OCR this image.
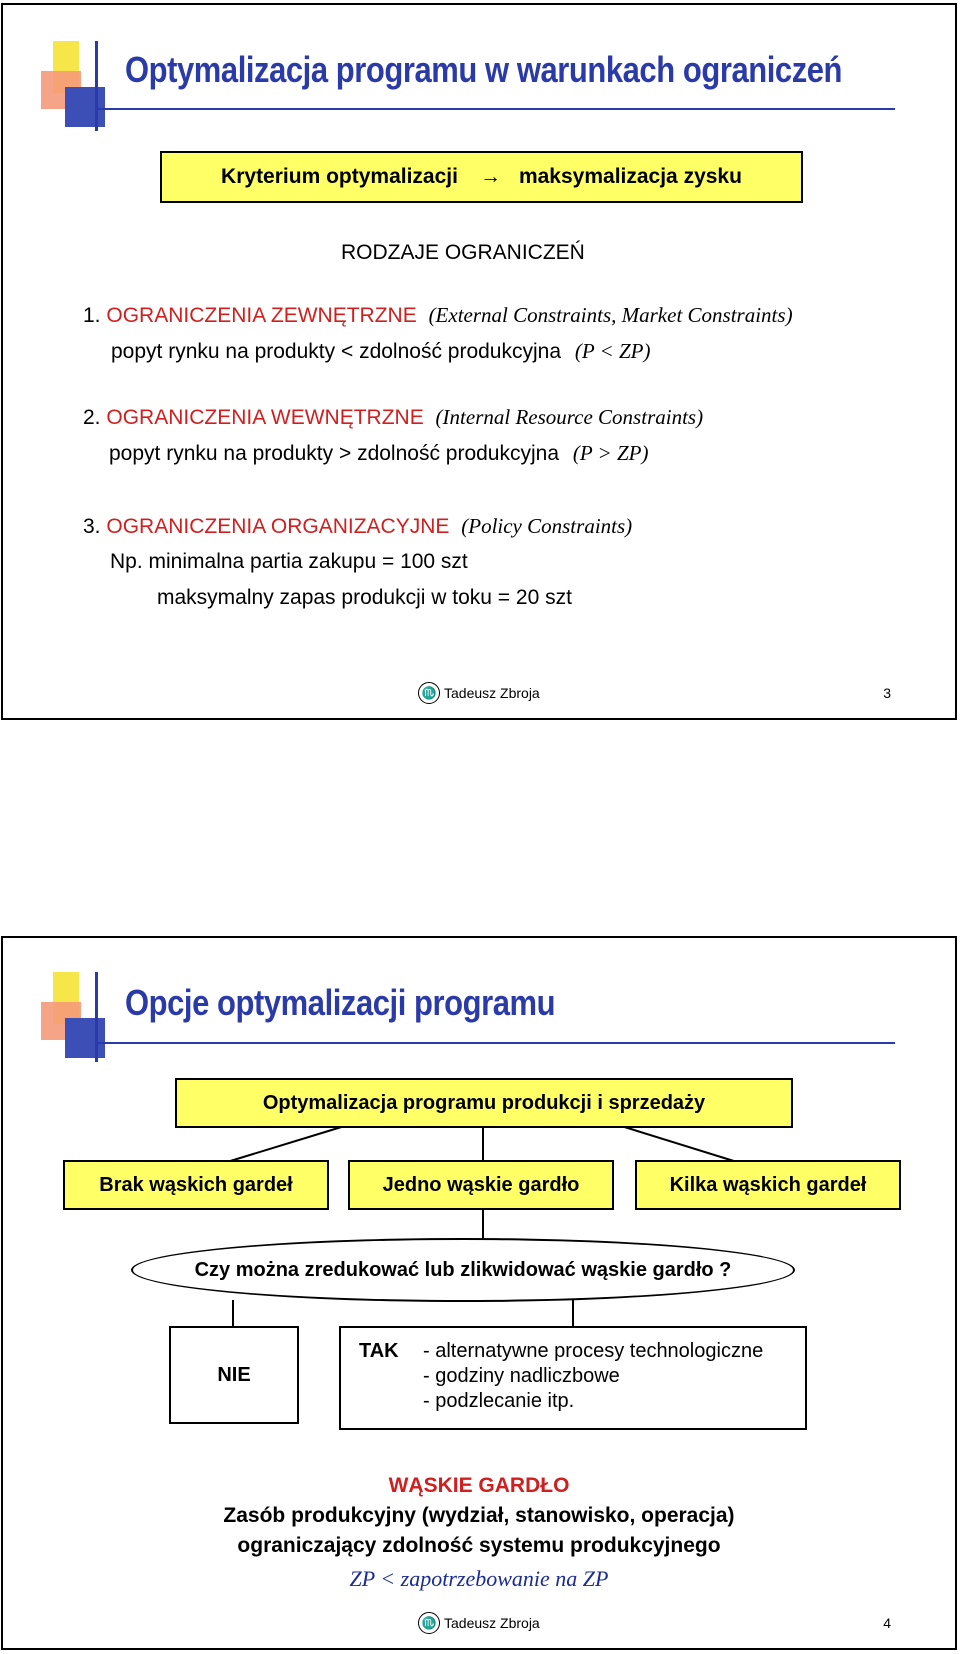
Optymalizacja programu w warunkach ograniczeń
Kryterium optymalizacji → maksymalizacja zysku
RODZAJE OGRANICZEŃ
1. OGRANICZENIA ZEWNĘTRZNE (External Constraints, Market Constraints)
popyt rynku na produkty < zdolność produkcyjna (P < ZP)
2. OGRANICZENIA WEWNĘTRZNE (Internal Resource Constraints)
popyt rynku na produkty > zdolność produkcyjna (P > ZP)
3. OGRANICZENIA ORGANIZACYJNE (Policy Constraints)
Np. minimalna partia zakupu = 100 szt
maksymalny zapas produkcji w toku = 20 szt
♏ Tadeusz Zbroja	3
Opcje optymalizacji programu
Optymalizacja programu produkcji i sprzedaży
Brak wąskich gardeł	Jedno wąskie gardło	Kilka wąskich gardeł
Czy można zredukować lub zlikwidować wąskie gardło ?
NIE
TAK - alternatywne procesy technologiczne
- godziny nadliczbowe
- podzlecanie itp.
WĄSKIE GARDŁO
Zasób produkcyjny (wydział, stanowisko, operacja)
ograniczający zdolność systemu produkcyjnego
ZP < zapotrzebowanie na ZP
♏ Tadeusz Zbroja	4
